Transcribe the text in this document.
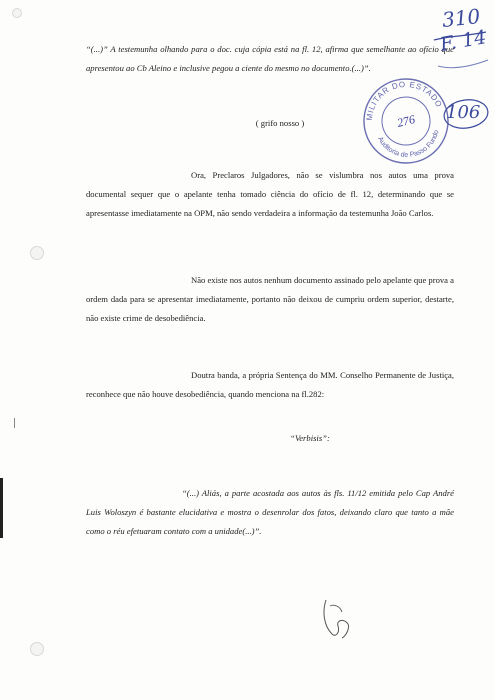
“(...)” A testemunha olhando para o doc. cuja cópia está na fl. 12, afirma que semelhante ao ofício que apresentou ao Cb Aleino e inclusive pegou a ciente do mesmo no documento.(...)”.
( grifo nosso )
Ora, Preclaros Julgadores, não se vislumbra nos autos uma prova documental sequer que o apelante tenha tomado ciência do ofício de fl. 12, determinando que se apresentasse imediatamente na OPM, não sendo verdadeira a informação da testemunha João Carlos.
Não existe nos autos nenhum documento assinado pelo apelante que prova a ordem dada para se apresentar imediatamente, portanto não deixou de cumpriu ordem superior, destarte, não existe crime de desobediência.
Doutra banda, a própria Sentença do MM. Conselho Permanente de Justiça, reconhece que não houve desobediência, quando menciona na fl.282:
“Verbisis”:
“(...) Aliás, a parte acostada aos autos às fls. 11/12 emitida pelo Cap André Luis Woloszyn é bastante elucidativa e mostra o desenrolar dos fatos, deixando claro que tanto a mãe como o réu efetuaram contato com a unidade(...)”.
MILITAR DO ESTADO
Auditoria de Passo Fundo
276
310
F. 14
106
